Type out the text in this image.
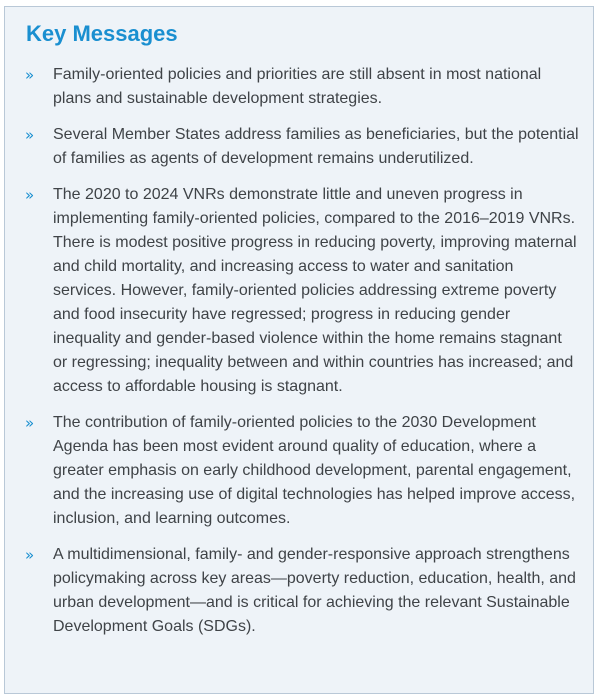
Key Messages
» Family-oriented policies and priorities are still absent in most national plans and sustainable development strategies.
» Several Member States address families as beneficiaries, but the potential of families as agents of development remains underutilized.
» The 2020 to 2024 VNRs demonstrate little and uneven progress in implementing family-oriented policies, compared to the 2016–2019 VNRs. There is modest positive progress in reducing poverty, improving maternal and child mortality, and increasing access to water and sanitation services. However, family-oriented policies addressing extreme poverty and food insecurity have regressed; progress in reducing gender inequality and gender-based violence within the home remains stagnant or regressing; inequality between and within countries has increased; and access to affordable housing is stagnant.
» The contribution of family-oriented policies to the 2030 Development Agenda has been most evident around quality of education, where a greater emphasis on early childhood development, parental engagement, and the increasing use of digital technologies has helped improve access, inclusion, and learning outcomes.
» A multidimensional, family- and gender-responsive approach strengthens policymaking across key areas—poverty reduction, education, health, and urban development—and is critical for achieving the relevant Sustainable Development Goals (SDGs).
